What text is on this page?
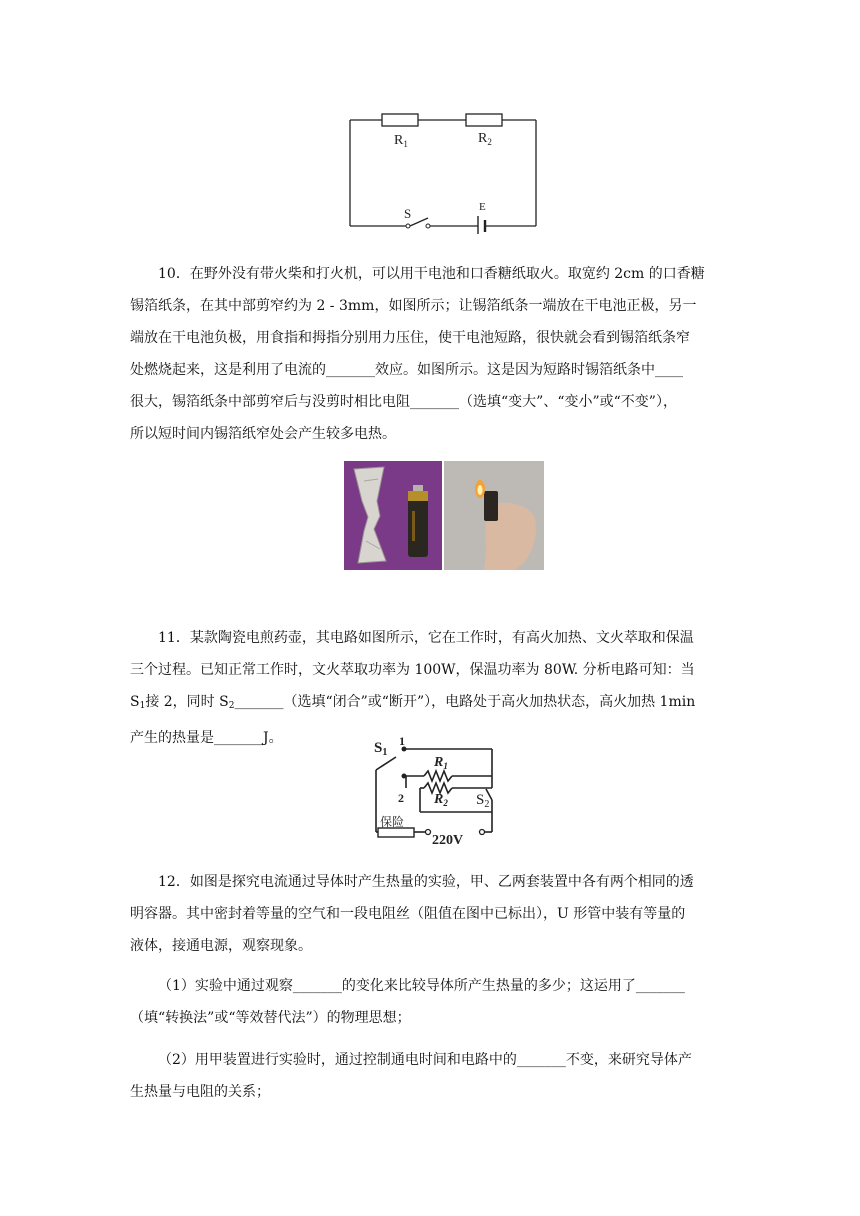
$R_1$	$R_2$
S	E

10．在野外没有带火柴和打火机，可以用干电池和口香糖纸取火。取宽约 2cm 的口香糖

锡箔纸条，在其中部剪窄约为 2 - 3mm，如图所示；让锡箔纸条一端放在干电池正极，另一

端放在干电池负极，用食指和拇指分别用力压住，使干电池短路，很快就会看到锡箔纸条窄

处燃烧起来，这是利用了电流的_______效应。如图所示。这是因为短路时锡箔纸条中____

很大，锡箔纸条中部剪窄后与没剪时相比电阻_______（选填“变大”、“变小”或“不变”），

所以短时间内锡箔纸窄处会产生较多电热。

11．某款陶瓷电煎药壶，其电路如图所示，它在工作时，有高火加热、文火萃取和保温

三个过程。已知正常工作时，文火萃取功率为 100W，保温功率为 80W. 分析电路可知：当

$S_1$接 2，同时 $S_2\_\_\_\_\_\_\_$（选填“闭合”或“断开”），电路处于高火加热状态，高火加热 1min

产生的热量是_______J。

$S_1$
1
2
$R_1$
$R_2$ $S_2$
保险
220V

12．如图是探究电流通过导体时产生热量的实验，甲、乙两套装置中各有两个相同的透

明容器。其中密封着等量的空气和一段电阻丝（阻值在图中已标出），U 形管中装有等量的

液体，接通电源，观察现象。

（1）实验中通过观察_______的变化来比较导体所产生热量的多少；这运用了_______

（填“转换法”或“等效替代法”）的物理思想；

（2）用甲装置进行实验时，通过控制通电时间和电路中的_______不变，来研究导体产

生热量与电阻的关系；
